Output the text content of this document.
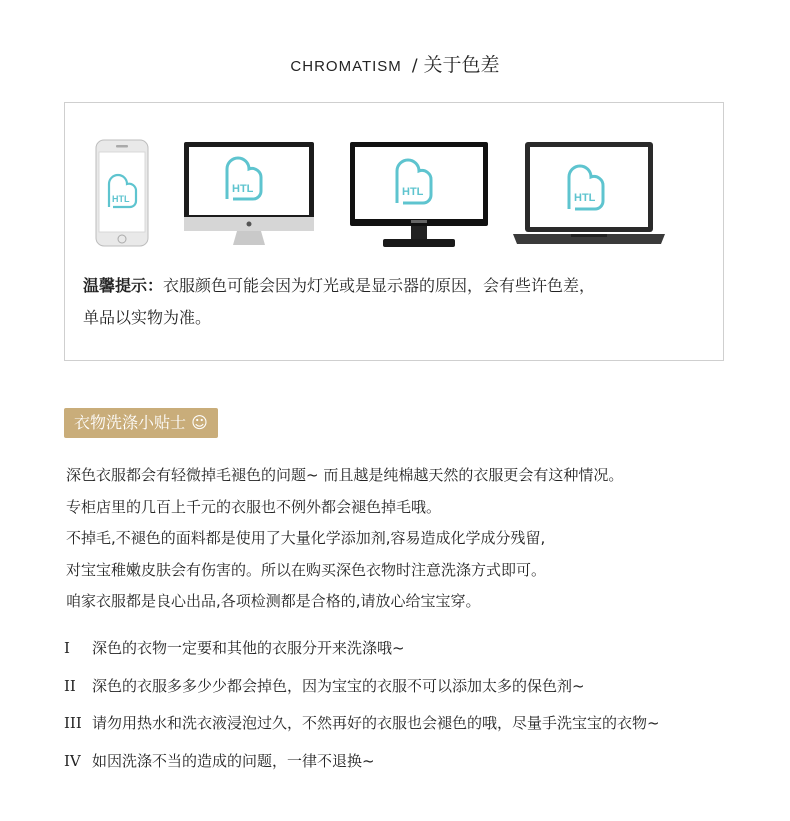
CHROMATISM / 关于色差
HTL
HTL	HTL	HTL
温馨提示：衣服颜色可能会因为灯光或是显示器的原因，会有些许色差，
单品以实物为准。
衣物洗涤小贴士 ☺
深色衣服都会有轻微掉毛褪色的问题~ 而且越是纯棉越天然的衣服更会有这种情况。
专柜店里的几百上千元的衣服也不例外都会褪色掉毛哦。
不掉毛,不褪色的面料都是使用了大量化学添加剂,容易造成化学成分残留,
对宝宝稚嫩皮肤会有伤害的。所以在购买深色衣物时注意洗涤方式即可。
咱家衣服都是良心出品,各项检测都是合格的,请放心给宝宝穿。
I 深色的衣物一定要和其他的衣服分开来洗涤哦~
II 深色的衣服多多少少都会掉色，因为宝宝的衣服不可以添加太多的保色剂~
III 请勿用热水和洗衣液浸泡过久，不然再好的衣服也会褪色的哦，尽量手洗宝宝的衣物~
IV 如因洗涤不当的造成的问题，一律不退换~
